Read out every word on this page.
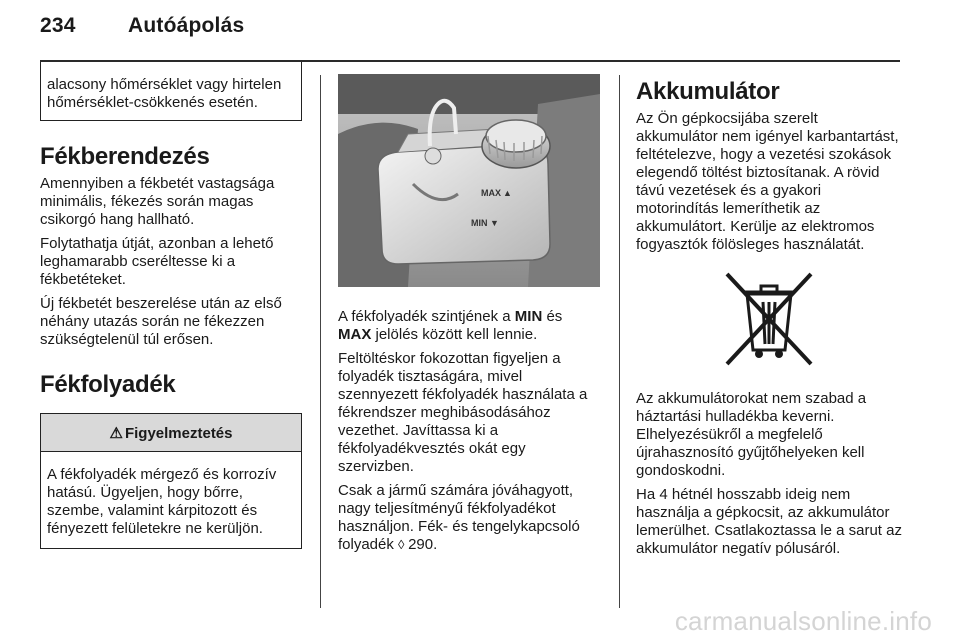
234 Autóápolás

alacsony hőmérséklet vagy hirtelen hőmérséklet-csökkenés esetén.

Fékberendezés

Amennyiben a fékbetét vastagsága minimális, fékezés során magas csikorgó hang hallható.

Folytathatja útját, azonban a lehető leghamarabb cseréltesse ki a fékbetéteket.

Új fékbetét beszerelése után az első néhány utazás során ne fékezzen szükségtelenül túl erősen.

Fékfolyadék
⚠ Figyelmeztetés

A fékfolyadék mérgező és korrozív hatású. Ügyeljen, hogy bőrre, szembe, valamint kárpitozott és fényezett felületekre ne kerüljön.

MAX ▲
MIN ▼

A fékfolyadék szintjének a MIN és
MAX jelölés között kell lennie.

Feltöltéskor fokozottan figyeljen a folyadék tisztaságára, mivel szennyezett fékfolyadék használata a fékrendszer meghibásodásához vezethet. Javíttassa ki a fékfolyadékvesztés okát egy szervizben.

Csak a jármű számára jóváhagyott, nagy teljesítményű fékfolyadékot használjon. Fék- és tengelykapcsoló folyadék ◊ 290.

Akkumulátor

Az Ön gépkocsijába szerelt akkumulátor nem igényel karbantartást, feltételezve, hogy a vezetési szokások elegendő töltést biztosítanak. A rövid távú vezetések és a gyakori motorindítás lemeríthetik az akkumulátort. Kerülje az elektromos fogyasztók fölösleges használatát.

Az akkumulátorokat nem szabad a háztartási hulladékba keverni. Elhelyezésükről a megfelelő újrahasznosító gyűjtőhelyeken kell gondoskodni.

Ha 4 hétnél hosszabb ideig nem használja a gépkocsit, az akkumulátor lemerülhet. Csatlakoztassa le a sarut az akkumulátor negatív pólusáról.

carmanualsonline.info
